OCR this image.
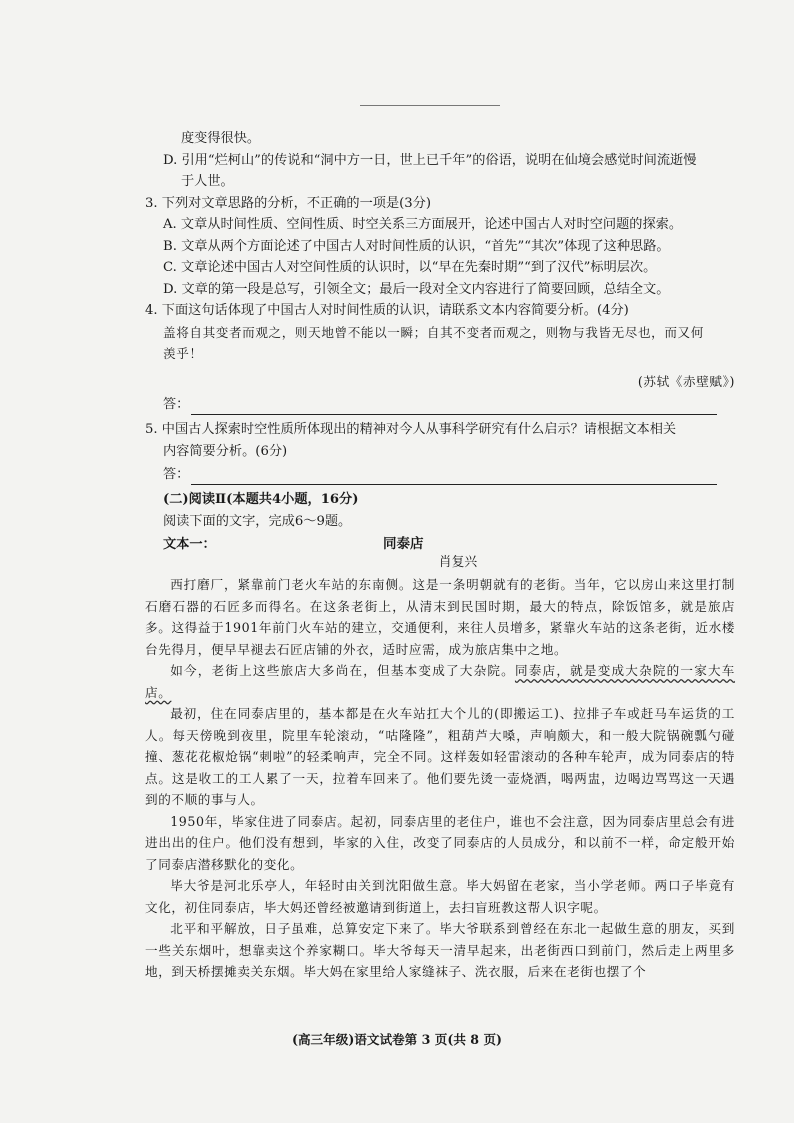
度变得很快。
D. 引用“烂柯山”的传说和“洞中方一日，世上已千年”的俗语，说明在仙境会感觉时间流逝慢
于人世。
3. 下列对文章思路的分析，不正确的一项是(3分)
A. 文章从时间性质、空间性质、时空关系三方面展开，论述中国古人对时空问题的探索。
B. 文章从两个方面论述了中国古人对时间性质的认识，“首先”“其次”体现了这种思路。
C. 文章论述中国古人对空间性质的认识时，以“早在先秦时期”“到了汉代”标明层次。
D. 文章的第一段是总写，引领全文；最后一段对全文内容进行了简要回顾，总结全文。
4. 下面这句话体现了中国古人对时间性质的认识，请联系文本内容简要分析。(4分)
盖将自其变者而观之，则天地曾不能以一瞬；自其不变者而观之，则物与我皆无尽也，而又何
羡乎！
(苏轼《赤壁赋》)
答：
5. 中国古人探索时空性质所体现出的精神对今人从事科学研究有什么启示？请根据文本相关
内容简要分析。(6分)
答：
(二)阅读Ⅱ(本题共4小题，16分)
阅读下面的文字，完成6～9题。
文本一：	同泰店
肖复兴
西打磨厂，紧靠前门老火车站的东南侧。这是一条明朝就有的老街。当年，它以房山来这里打制石磨石器的石匠多而得名。在这条老街上，从清末到民国时期，最大的特点，除饭馆多，就是旅店多。这得益于1901年前门火车站的建立，交通便利，来往人员增多，紧靠火车站的这条老街，近水楼台先得月，便早早褪去石匠店铺的外衣，适时应需，成为旅店集中之地。
如今，老街上这些旅店大多尚在，但基本变成了大杂院。同泰店，就是变成大杂院的一家大车店。
最初，住在同泰店里的，基本都是在火车站扛大个儿的(即搬运工)、拉排子车或赶马车运货的工人。每天傍晚到夜里，院里车轮滚动，“咕隆隆”，粗葫芦大嗓，声响颇大，和一般大院锅碗瓢勺碰撞、葱花花椒炝锅“刺啦”的轻柔响声，完全不同。这样轰如轻雷滚动的各种车轮声，成为同泰店的特点。这是收工的工人累了一天，拉着车回来了。他们要先烫一壶烧酒，喝两盅，边喝边骂骂这一天遇到的不顺的事与人。
1950年，毕家住进了同泰店。起初，同泰店里的老住户，谁也不会注意，因为同泰店里总会有进进出出的住户。他们没有想到，毕家的入住，改变了同泰店的人员成分，和以前不一样，命定般开始了同泰店潜移默化的变化。
毕大爷是河北乐亭人，年轻时由关到沈阳做生意。毕大妈留在老家，当小学老师。两口子毕竟有文化，初住同泰店，毕大妈还曾经被邀请到街道上，去扫盲班教这帮人识字呢。
北平和平解放，日子虽难，总算安定下来了。毕大爷联系到曾经在东北一起做生意的朋友，买到一些关东烟叶，想靠卖这个养家糊口。毕大爷每天一清早起来，出老街西口到前门，然后走上两里多地，到天桥摆摊卖关东烟。毕大妈在家里给人家缝袜子、洗衣服，后来在老街也摆了个
(高三年级)语文试卷第 3 页(共 8 页)
